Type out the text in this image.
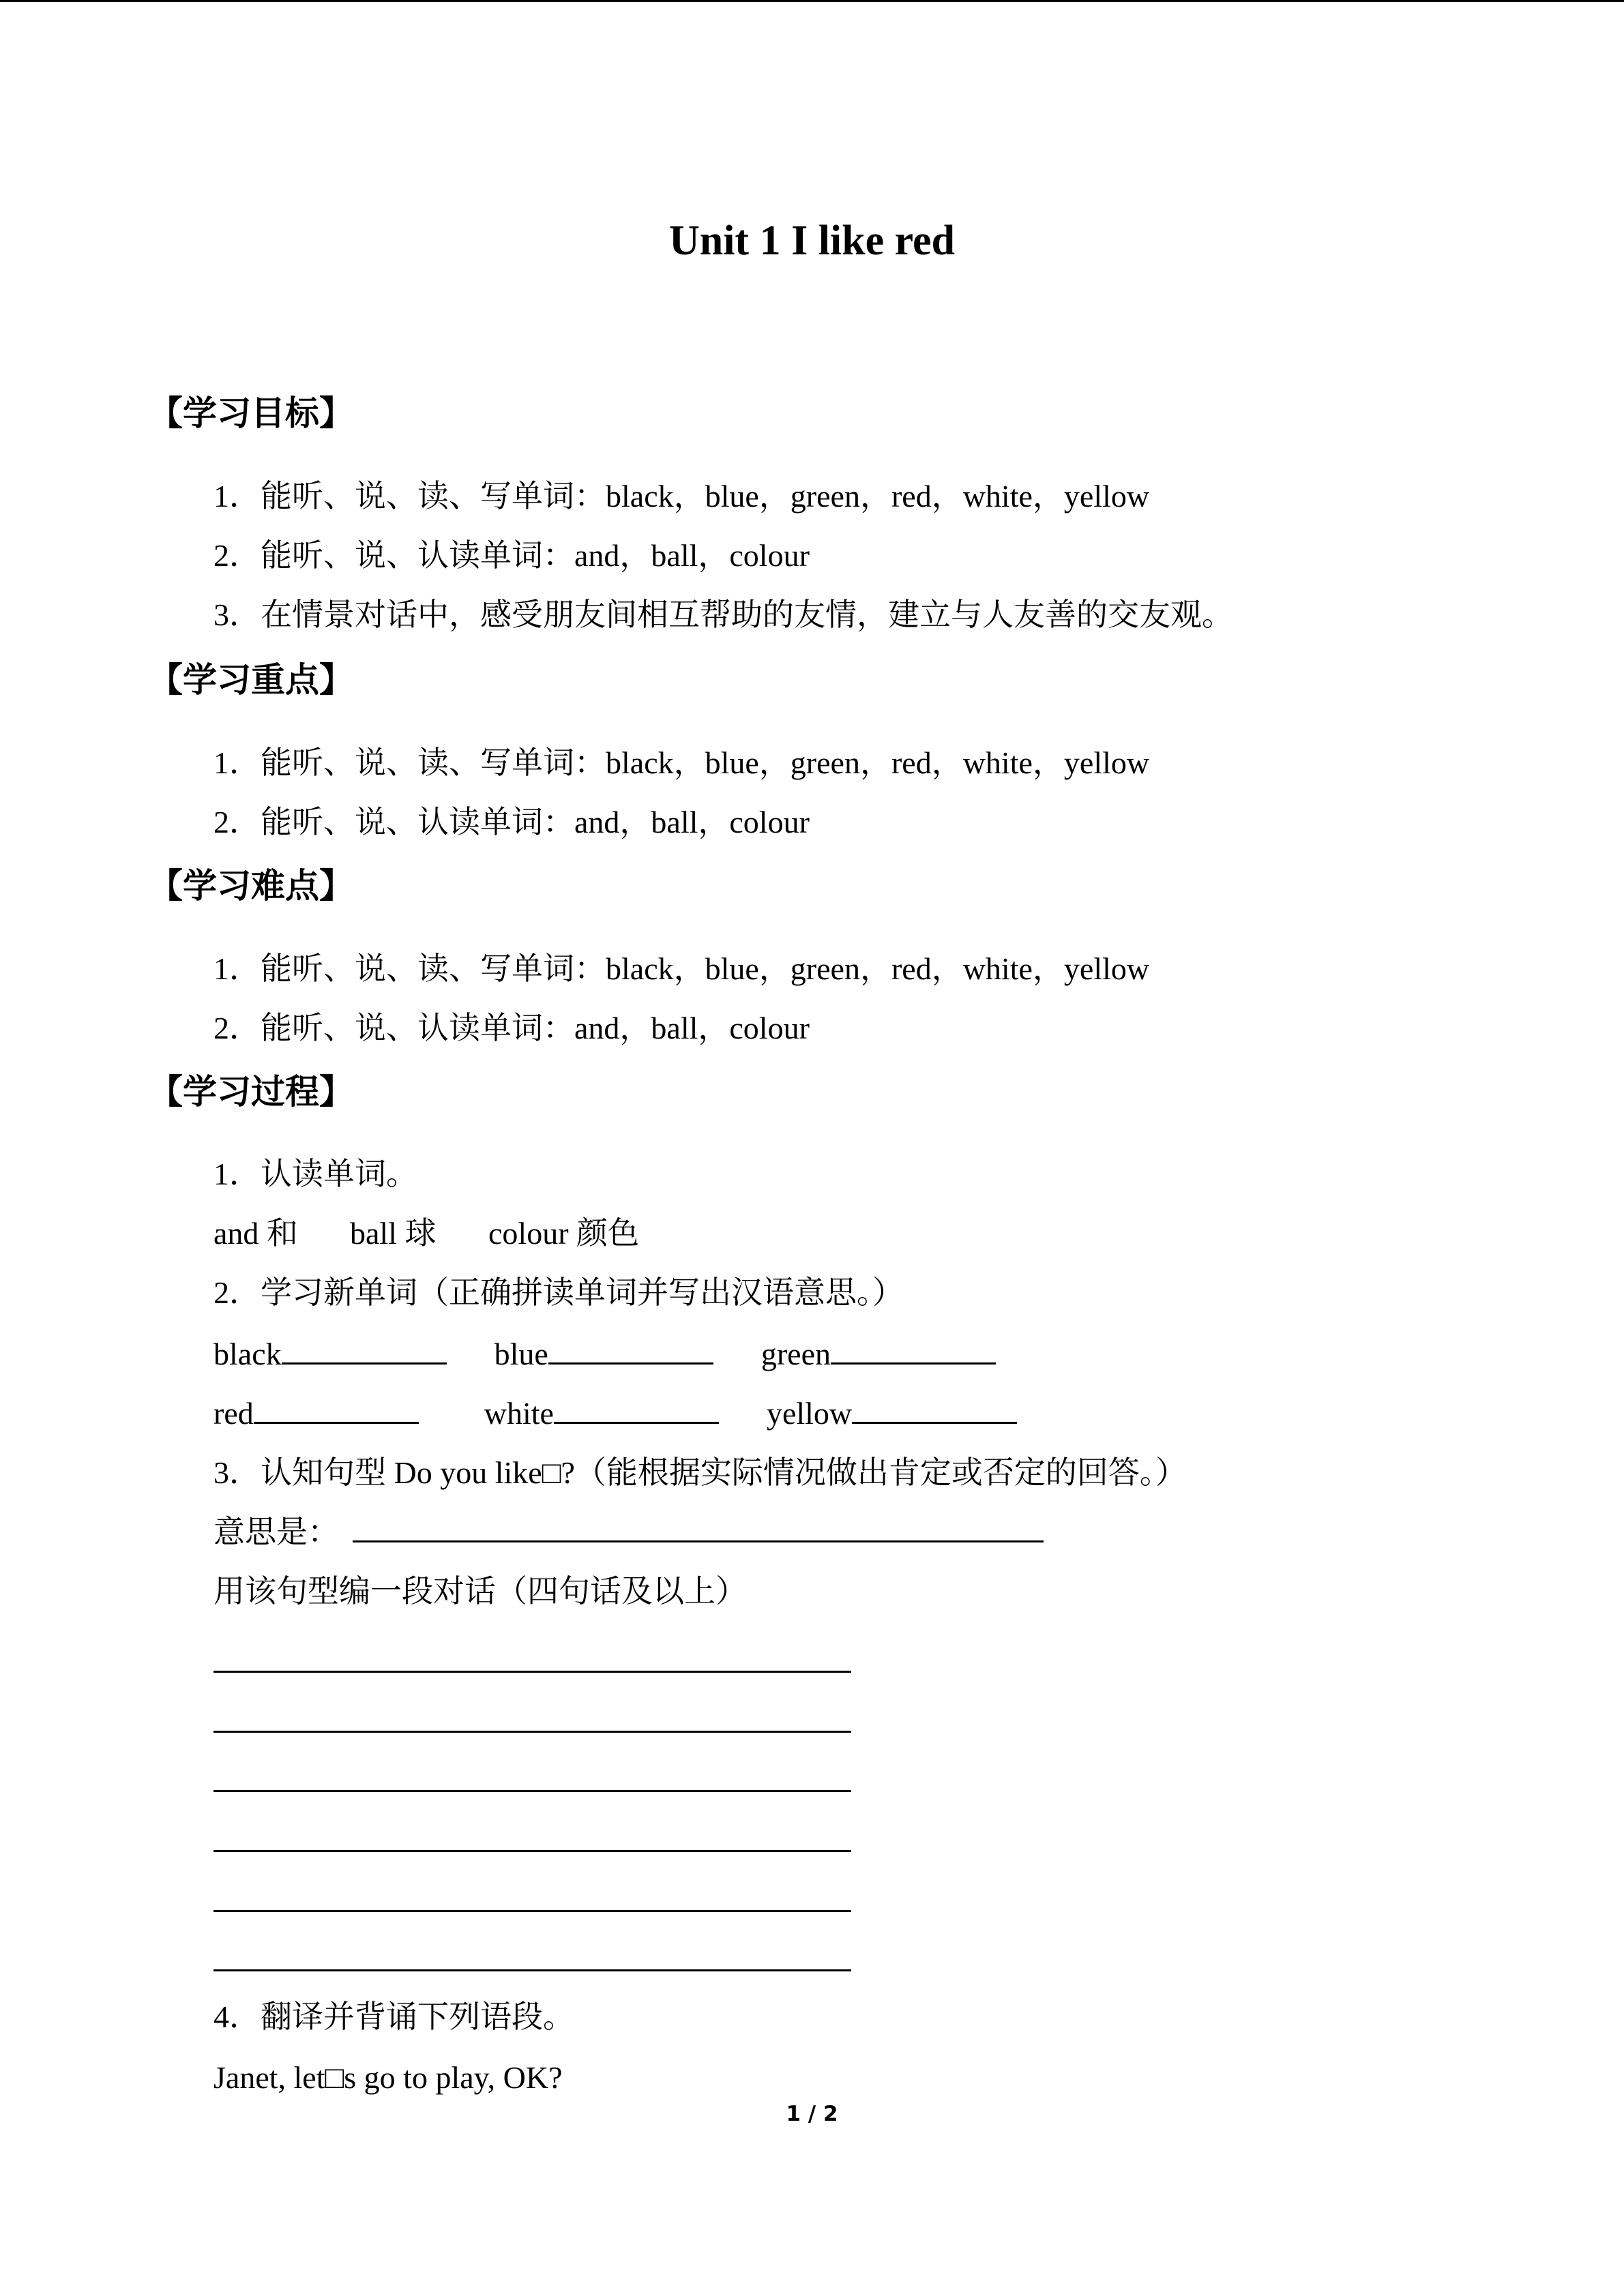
Unit 1 I like red
【学习目标】
1．能听、说、读、写单词：black，blue，green，red，white，yellow
2．能听、说、认读单词：and，ball，colour
3．在情景对话中，感受朋友间相互帮助的友情，建立与人友善的交友观。
【学习重点】
1．能听、说、读、写单词：black，blue，green，red，white，yellow
2．能听、说、认读单词：and，ball，colour
【学习难点】
1．能听、说、读、写单词：black，blue，green，red，white，yellow
2．能听、说、认读单词：and，ball，colour
【学习过程】
1．认读单词。
and 和 ball 球 colour 颜色
2．学习新单词（正确拼读单词并写出汉语意思。）
black	blue	green
red	white	yellow
3．认知句型 Do you like□?（能根据实际情况做出肯定或否定的回答。）
意思是：
用该句型编一段对话（四句话及以上）
4．翻译并背诵下列语段。
Janet, let□s go to play, OK?
1 / 2
